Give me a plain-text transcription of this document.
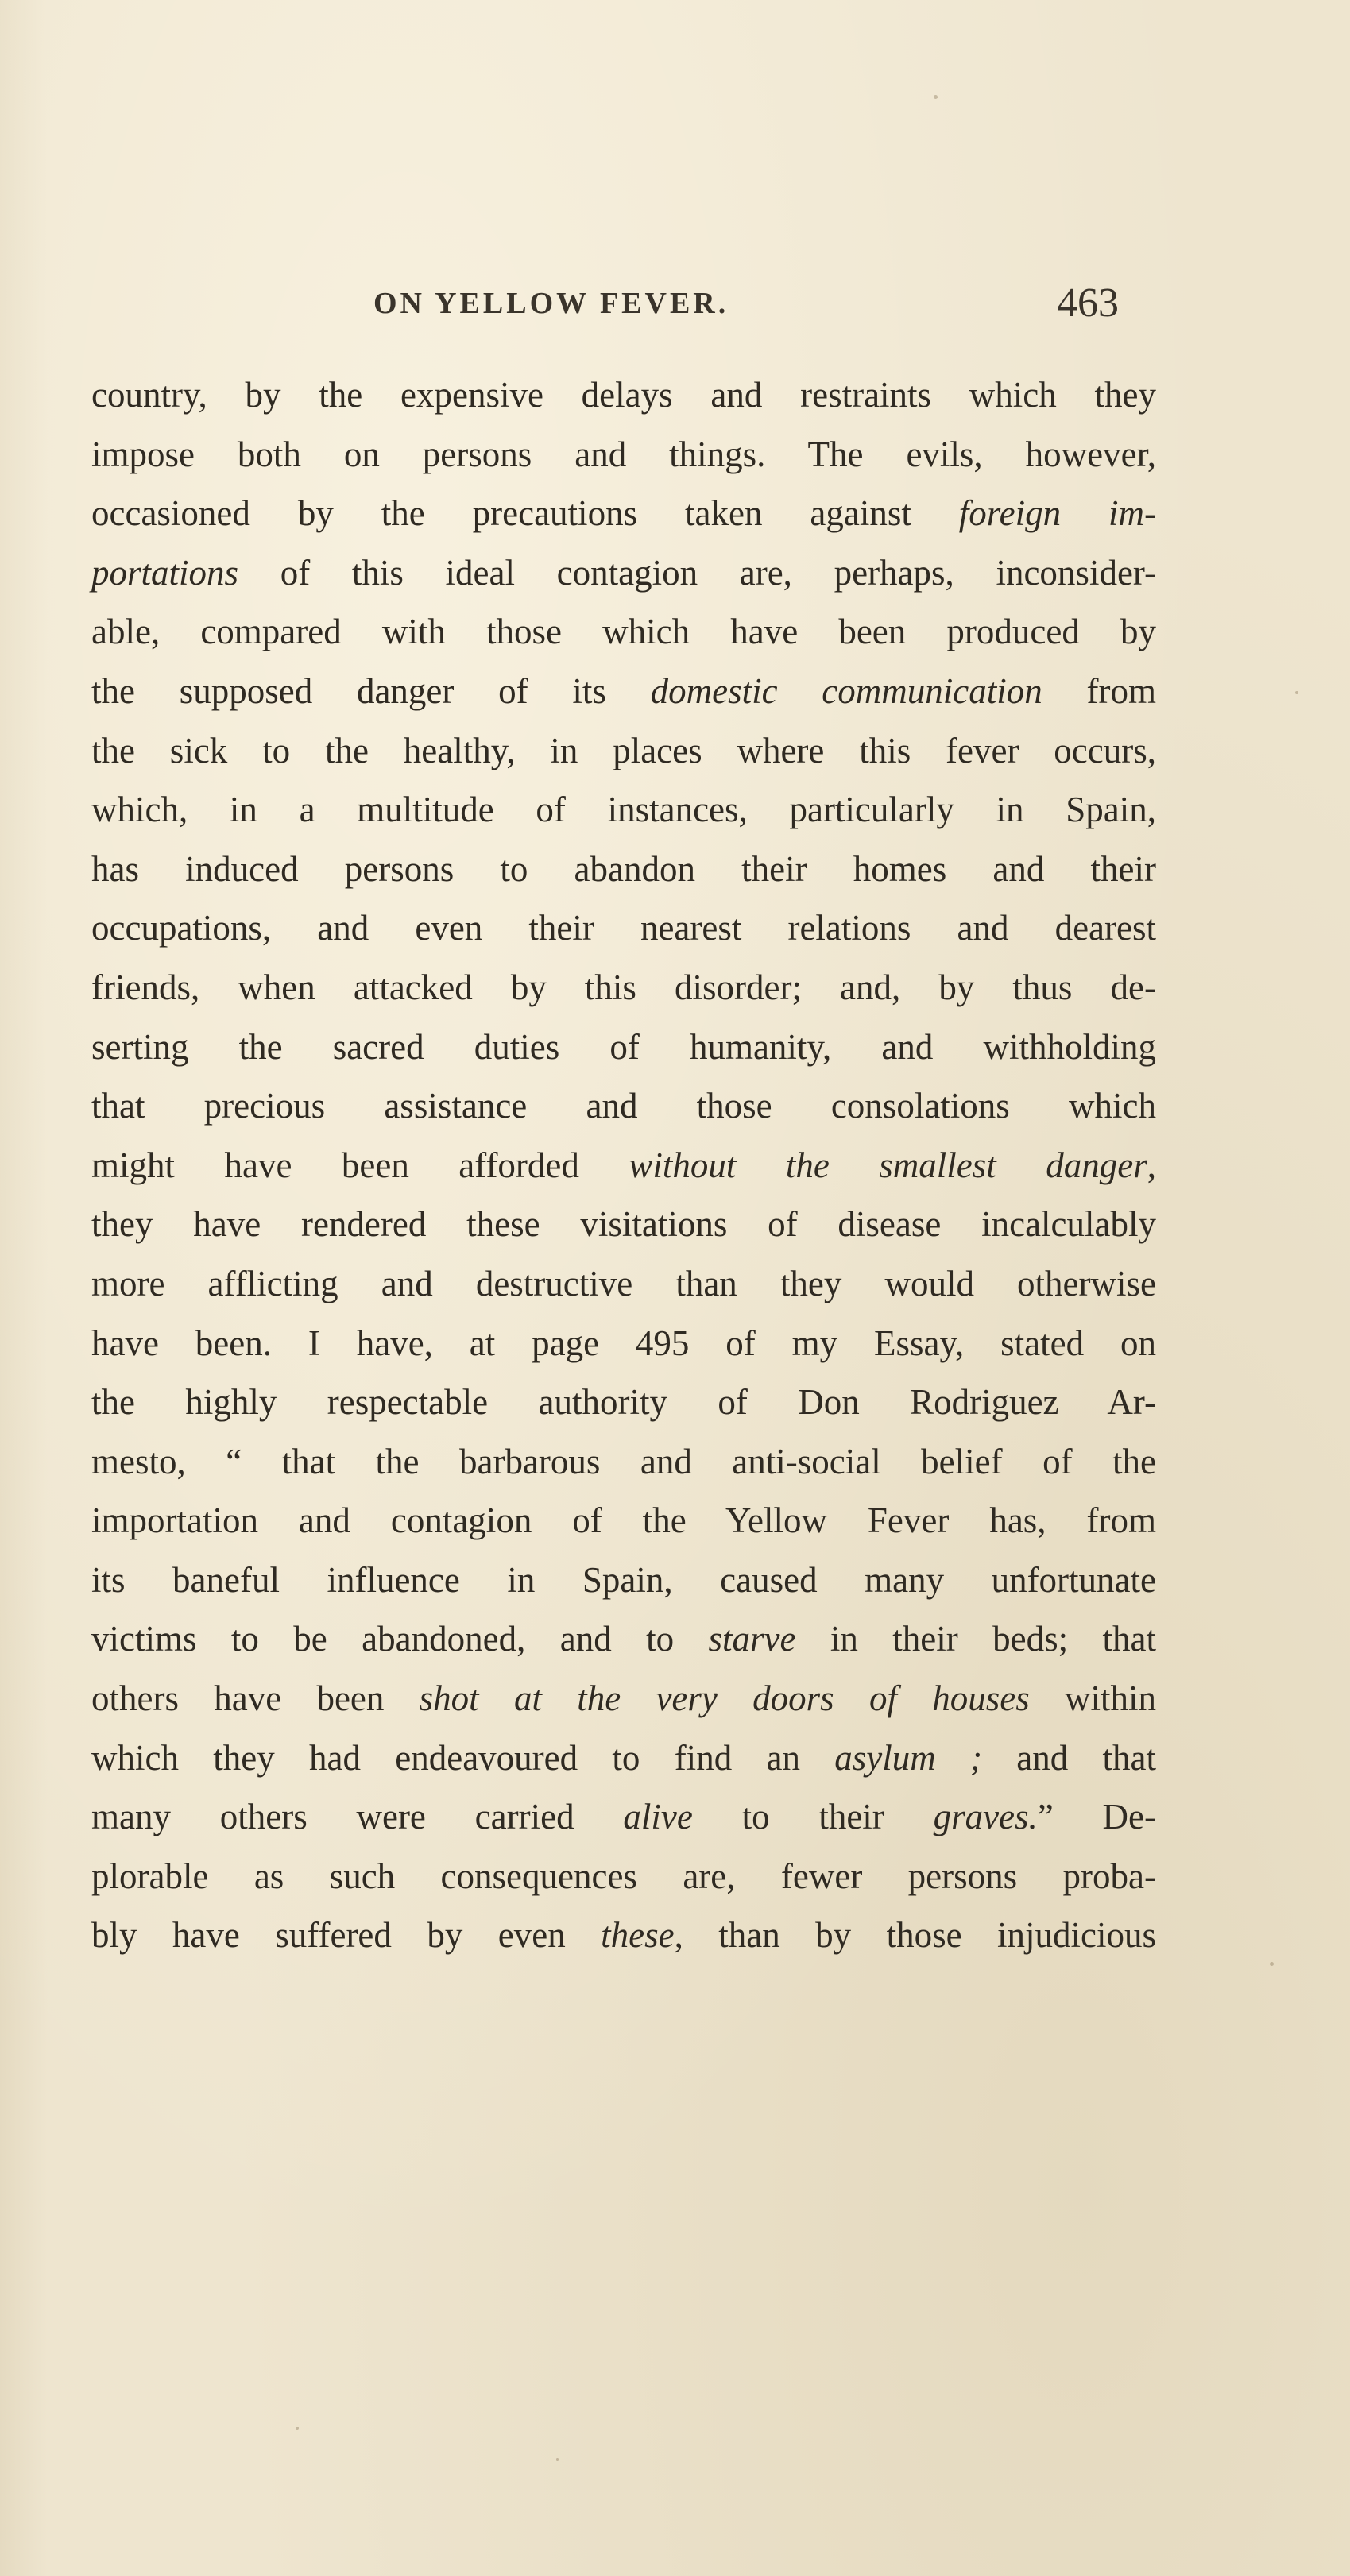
ON YELLOW FEVER.	463
country, by the expensive delays and restraints which they
impose both on persons and things. The evils, however,
occasioned by the precautions taken against foreign im-
portations of this ideal contagion are, perhaps, inconsider-
able, compared with those which have been produced by
the supposed danger of its domestic communication from
the sick to the healthy, in places where this fever occurs,
which, in a multitude of instances, particularly in Spain,
has induced persons to abandon their homes and their
occupations, and even their nearest relations and dearest
friends, when attacked by this disorder; and, by thus de-
serting the sacred duties of humanity, and withholding
that precious assistance and those consolations which
might have been afforded without the smallest danger,
they have rendered these visitations of disease incalculably
more afflicting and destructive than they would otherwise
have been. I have, at page 495 of my Essay, stated on
the highly respectable authority of Don Rodriguez Ar-
mesto, “ that the barbarous and anti-social belief of the
importation and contagion of the Yellow Fever has, from
its baneful influence in Spain, caused many unfortunate
victims to be abandoned, and to starve in their beds; that
others have been shot at the very doors of houses within
which they had endeavoured to find an asylum ; and that
many others were carried alive to their graves.” De-
plorable as such consequences are, fewer persons proba-
bly have suffered by even these, than by those injudicious
